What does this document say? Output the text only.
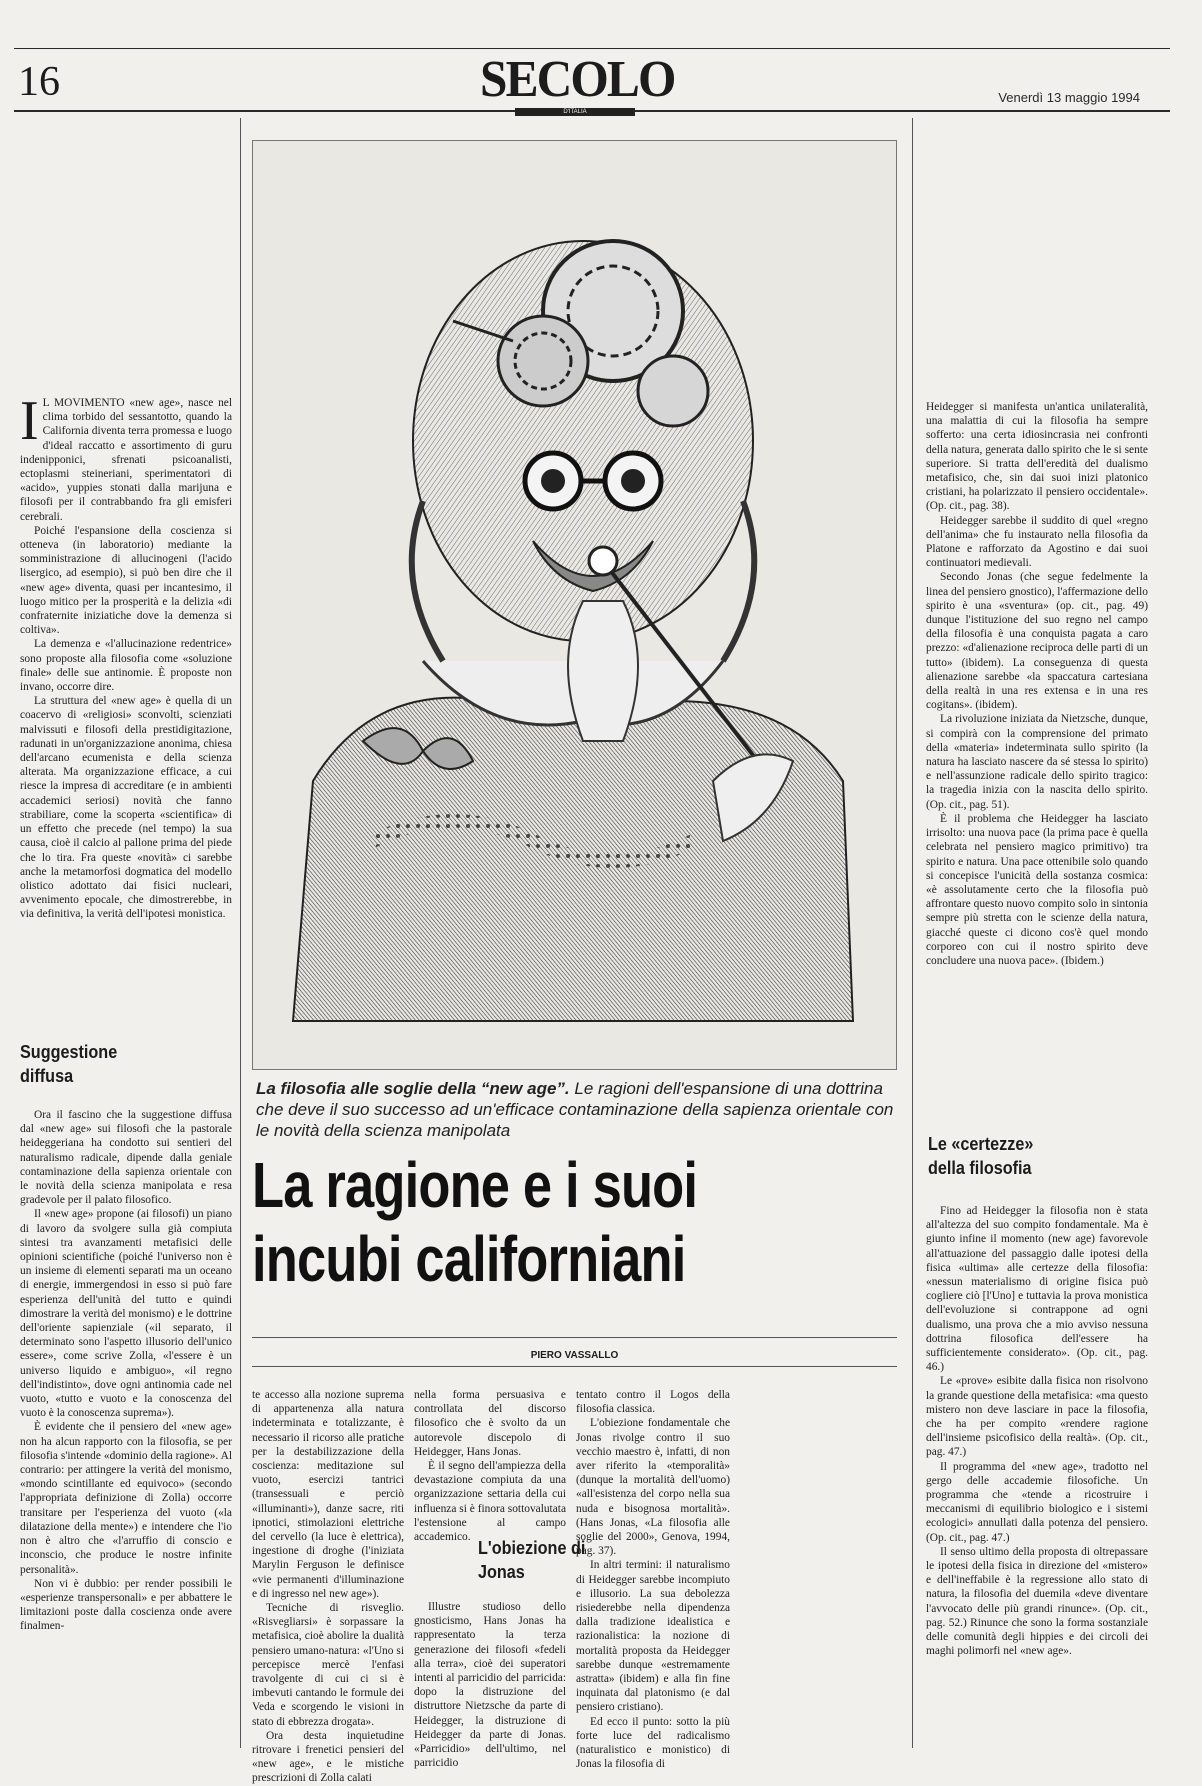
16	SECOLO
D'ITALIA
Venerdì 13 maggio 1994

I L MOVIMENTO «new age», nasce nel clima torbido del sessantotto, quando la California diventa terra promessa e luogo d'ideal raccatto e assortimento di guru indenipponici, sfrenati psicoanalisti, ectoplasmi steineriani, sperimentatori di «acido», yuppies stonati dalla marijuna e filosofi per il contrabbando fra gli emisferi cerebrali.

Poiché l'espansione della coscienza si otteneva (in laboratorio) mediante la somministrazione di allucinogeni (l'acido lisergico, ad esempio), si può ben dire che il «new age» diventa, quasi per incantesimo, il luogo mitico per la prosperità e la delizia «di confraternite iniziatiche dove la demenza si coltiva».

La demenza e «l'allucinazione redentrice» sono proposte alla filosofia come «soluzione finale» delle sue antinomie. È proposte non invano, occorre dire.

La struttura del «new age» è quella di un coacervo di «religiosi» sconvolti, scienziati malvissuti e filosofi della prestidigitazione, radunati in un'organizzazione anonima, chiesa dell'arcano ecumenista e della scienza alterata. Ma organizzazione efficace, a cui riesce la impresa di accreditare (e in ambienti accademici seriosi) novità che fanno strabiliare, come la scoperta «scientifica» di un effetto che precede (nel tempo) la sua causa, cioè il calcio al pallone prima del piede che lo tira. Fra queste «novità» ci sarebbe anche la metamorfosi dogmatica del modello olistico adottato dai fisici nucleari, avvenimento epocale, che dimostrerebbe, in via definitiva, la verità dell'ipotesi monistica.

Suggestione diffusa

Ora il fascino che la suggestione diffusa dal «new age» sui filosofi che la pastorale heideggeriana ha condotto sui sentieri del naturalismo radicale, dipende dalla geniale contaminazione della sapienza orientale con le novità della scienza manipolata e resa gradevole per il palato filosofico.

Il «new age» propone (ai filosofi) un piano di lavoro da svolgere sulla già compiuta sintesi tra avanzamenti metafisici delle opinioni scientifiche (poiché l'universo non è un insieme di elementi separati ma un oceano di energie, immergendosi in esso si può fare esperienza dell'unità del tutto e quindi dimostrare la verità del monismo) e le dottrine dell'oriente sapienziale («il separato, il determinato sono l'aspetto illusorio dell'unico essere», come scrive Zolla, «l'essere è un universo liquido e ambiguo», «il regno dell'indistinto», dove ogni antinomia cade nel vuoto, «tutto e vuoto e la conoscenza del vuoto è la conoscenza suprema»).

È evidente che il pensiero del «new age» non ha alcun rapporto con la filosofia, se per filosofia s'intende «dominio della ragione». Al contrario: per attingere la verità del monismo, «mondo scintillante ed equivoco» (secondo l'appropriata definizione di Zolla) occorre transitare per l'esperienza del vuoto («la dilatazione della mente») e intendere che l'io non è altro che «l'arruffio di conscio e inconscio, che produce le nostre infinite personalità».

Non vi è dubbio: per render possibili le «esperienze transpersonali» e per abbattere le limitazioni poste dalla coscienza onde avere finalmen-

La filosofia alle soglie della “new age”. Le ragioni dell'espansione di una dottrina che deve il suo successo ad un'efficace contaminazione della sapienza orientale con le novità della scienza manipolata
La ragione e i suoi
incubi californiani
PIERO VASSALLO

te accesso alla nozione suprema di appartenenza alla natura indeterminata e totalizzante, è necessario il ricorso alle pratiche per la destabilizzazione della coscienza: meditazione sul vuoto, esercizi tantrici (transessuali e perciò «illuminanti»), danze sacre, riti ipnotici, stimolazioni elettriche del cervello (la luce è elettrica), ingestione di droghe (l'iniziata Marylin Ferguson le definisce «vie permanenti d'illuminazione e di ingresso nel new age»).

Tecniche di risveglio. «Risvegliarsi» è sorpassare la metafisica, cioè abolire la dualità pensiero umano-natura: «l'Uno si percepisce mercè l'enfasi travolgente di cui ci si è imbevuti cantando le formule dei Veda e scorgendo le visioni in stato di ebbrezza drogata».

Ora desta inquietudine ritrovare i frenetici pensieri del «new age», e le mistiche prescrizioni di Zolla calati

nella forma persuasiva e controllata del discorso filosofico che è svolto da un autorevole discepolo di Heidegger, Hans Jonas.

È il segno dell'ampiezza della devastazione compiuta da una organizzazione settaria della cui influenza si è finora sottovalutata l'estensione al campo accademico.

L'obiezione di Jonas

Illustre studioso dello gnosticismo, Hans Jonas ha rappresentato la terza generazione dei filosofi «fedeli alla terra», cioè dei superatori intenti al parricidio del parricida: dopo la distruzione del distruttore Nietzsche da parte di Heidegger, la distruzione di Heidegger da parte di Jonas. «Parricidio» dell'ultimo, nel parricidio

tentato contro il Logos della filosofia classica.

L'obiezione fondamentale che Jonas rivolge contro il suo vecchio maestro è, infatti, di non aver riferito la «temporalità» (dunque la mortalità dell'uomo) «all'esistenza del corpo nella sua nuda e bisognosa mortalità». (Hans Jonas, «La filosofia alle soglie del 2000», Genova, 1994, pag. 37).

In altri termini: il naturalismo di Heidegger sarebbe incompiuto e illusorio. La sua debolezza risiederebbe nella dipendenza dalla tradizione idealistica e razionalistica: la nozione di mortalità proposta da Heidegger sarebbe dunque «estremamente astratta» (ibidem) e alla fin fine inquinata dal platonismo (e dal pensiero cristiano).

Ed ecco il punto: sotto la più forte luce del radicalismo (naturalistico e monistico) di Jonas la filosofia di

Heidegger si manifesta un'antica unilateralità, una malattia di cui la filosofia ha sempre sofferto: una certa idiosincrasia nei confronti della natura, generata dallo spirito che le si sente superiore. Si tratta dell'eredità del dualismo metafisico, che, sin dai suoi inizi platonico cristiani, ha polarizzato il pensiero occidentale». (Op. cit., pag. 38).

Heidegger sarebbe il suddito di quel «regno dell'anima» che fu instaurato nella filosofia da Platone e rafforzato da Agostino e dai suoi continuatori medievali.

Secondo Jonas (che segue fedelmente la linea del pensiero gnostico), l'affermazione dello spirito è una «sventura» (op. cit., pag. 49) dunque l'istituzione del suo regno nel campo della filosofia è una conquista pagata a caro prezzo: «d'alienazione reciproca delle parti di un tutto» (ibidem). La conseguenza di questa alienazione sarebbe «la spaccatura cartesiana della realtà in una res extensa e in una res cogitans». (ibidem).

La rivoluzione iniziata da Nietzsche, dunque, si compirà con la comprensione del primato della «materia» indeterminata sullo spirito (la natura ha lasciato nascere da sé stessa lo spirito) e nell'assunzione radicale dello spirito tragico: la tragedia inizia con la nascita dello spirito. (Op. cit., pag. 51).

È il problema che Heidegger ha lasciato irrisolto: una nuova pace (la prima pace è quella celebrata nel pensiero magico primitivo) tra spirito e natura. Una pace ottenibile solo quando si concepisce l'unicità della sostanza cosmica: «è assolutamente certo che la filosofia può affrontare questo nuovo compito solo in sintonia sempre più stretta con le scienze della natura, giacché queste ci dicono cos'è quel mondo corporeo con cui il nostro spirito deve concludere una nuova pace». (Ibidem.)

Le «certezze» della filosofia

Fino ad Heidegger la filosofia non è stata all'altezza del suo compito fondamentale. Ma è giunto infine il momento (new age) favorevole all'attuazione del passaggio dalle ipotesi della fisica «ultima» alle certezze della filosofia: «nessun materialismo di origine fisica può cogliere ciò [l'Uno] e tuttavia la prova monistica dell'evoluzione si contrappone ad ogni dualismo, una prova che a mio avviso nessuna dottrina filosofica dell'essere ha sufficientemente considerato». (Op. cit., pag. 46.)

Le «prove» esibite dalla fisica non risolvono la grande questione della metafisica: «ma questo mistero non deve lasciare in pace la filosofia, che ha per compito «rendere ragione dell'insieme psicofisico della realtà». (Op. cit., pag. 47.)

Il programma del «new age», tradotto nel gergo delle accademie filosofiche. Un programma che «tende a ricostruire i meccanismi di equilibrio biologico e i sistemi ecologici» annullati dalla potenza del pensiero. (Op. cit., pag. 47.)

Il senso ultimo della proposta di oltrepassare le ipotesi della fisica in direzione del «mistero» e dell'ineffabile è la regressione allo stato di natura, la filosofia del duemila «deve diventare l'avvocato delle più grandi rinunce». (Op. cit., pag. 52.) Rinunce che sono la forma sostanziale delle comunità degli hippies e dei circoli dei maghi polimorfi nel «new age».
